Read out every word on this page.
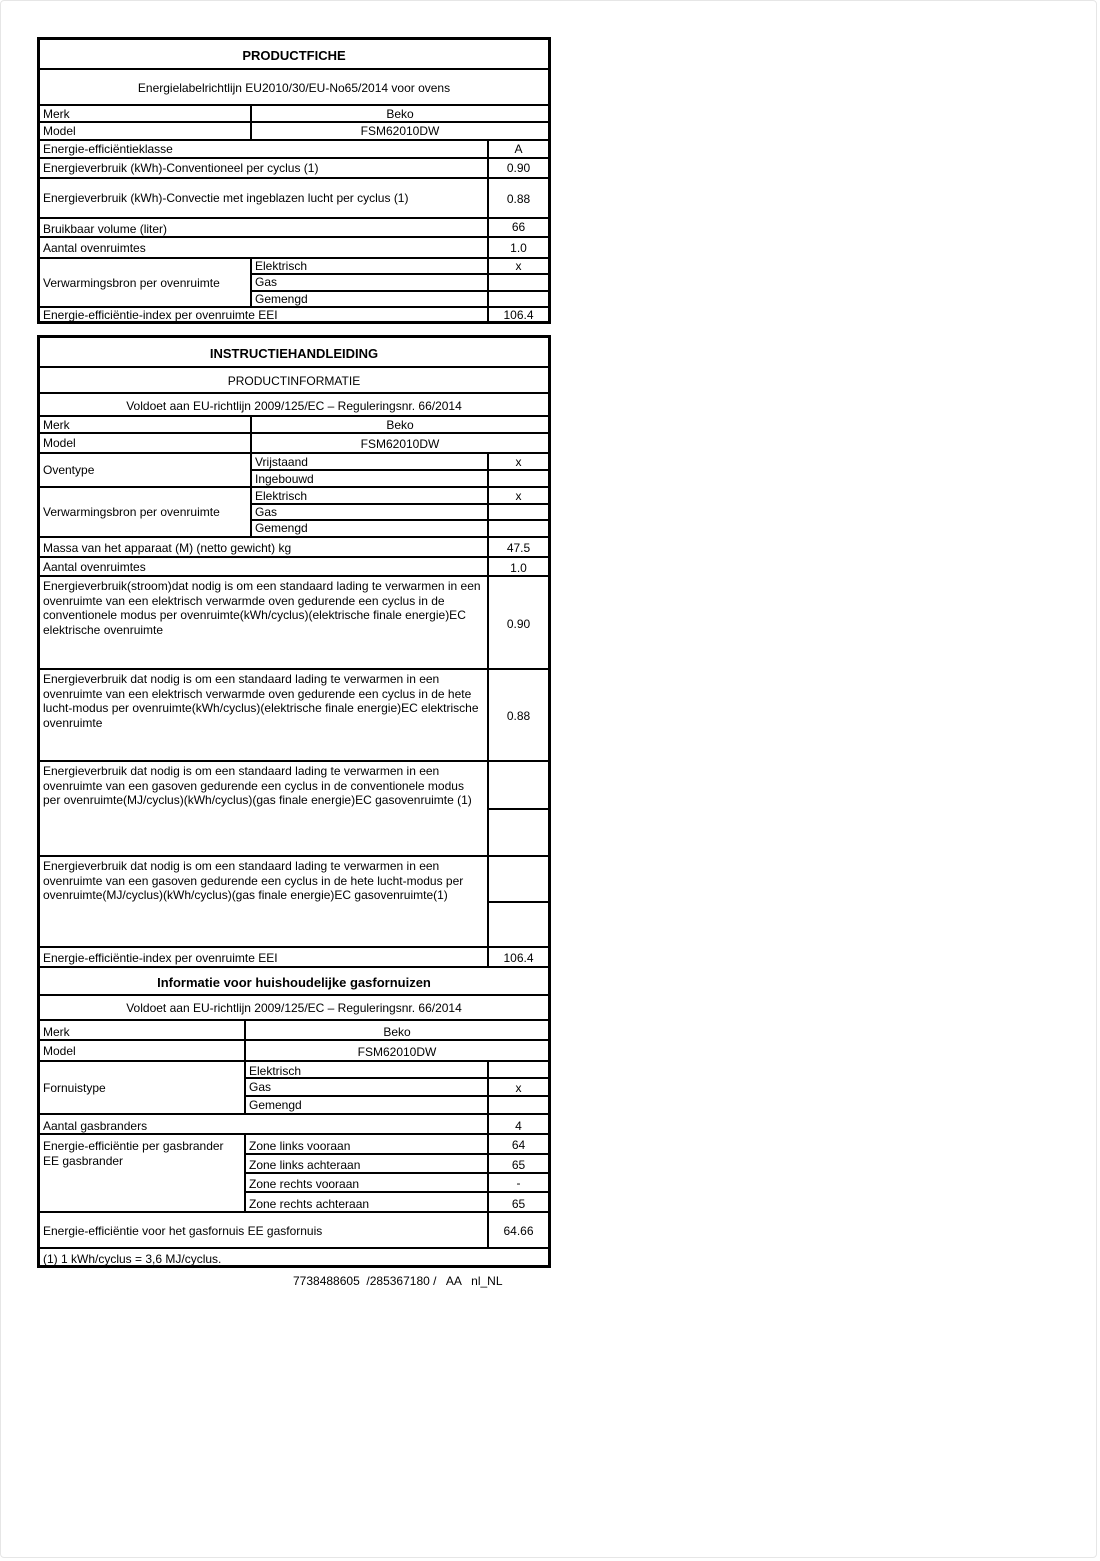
PRODUCTFICHE
Energielabelrichtlijn EU2010/30/EU-No65/2014 voor ovens
Merk	Beko
Model	FSM62010DW
Energie-efficiëntieklasse	A
Energieverbruik (kWh)-Conventioneel per cyclus (1)	0.90
Energieverbruik (kWh)-Convectie met ingeblazen lucht per cyclus (1)	0.88
Bruikbaar volume (liter)	66
Aantal ovenruimtes	1.0
Verwarmingsbron per ovenruimte
Elektrisch	x
Gas
Gemengd
Energie-efficiëntie-index per ovenruimte EEI	106.4
INSTRUCTIEHANDLEIDING
PRODUCTINFORMATIE
Voldoet aan EU-richtlijn 2009/125/EC – Reguleringsnr. 66/2014
Merk	Beko
Model	FSM62010DW
Oventype
Vrijstaand	x
Ingebouwd
Verwarmingsbron per ovenruimte
Elektrisch	x
Gas
Gemengd
Massa van het apparaat (M) (netto gewicht) kg	47.5
Aantal ovenruimtes	1.0
Energieverbruik(stroom)dat nodig is om een standaard lading te verwarmen in een ovenruimte van een elektrisch verwarmde oven gedurende een cyclus in de conventionele modus per ovenruimte(kWh/cyclus)(elektrische finale energie)EC elektrische ovenruimte	0.90
Energieverbruik dat nodig is om een standaard lading te verwarmen in een ovenruimte van een elektrisch verwarmde oven gedurende een cyclus in de hete lucht-modus per ovenruimte(kWh/cyclus)(elektrische finale energie)EC elektrische ovenruimte	0.88
Energieverbruik dat nodig is om een standaard lading te verwarmen in een ovenruimte van een gasoven gedurende een cyclus in de conventionele modus per ovenruimte(MJ/cyclus)(kWh/cyclus)(gas finale energie)EC gasovenruimte (1)
Energieverbruik dat nodig is om een standaard lading te verwarmen in een ovenruimte van een gasoven gedurende een cyclus in de hete lucht-modus per ovenruimte(MJ/cyclus)(kWh/cyclus)(gas finale energie)EC gasovenruimte(1)
Energie-efficiëntie-index per ovenruimte EEI	106.4
Informatie voor huishoudelijke gasfornuizen
Voldoet aan EU-richtlijn 2009/125/EC – Reguleringsnr. 66/2014
Merk	Beko
Model	FSM62010DW
Fornuistype
Elektrisch
Gas	x
Gemengd
Aantal gasbranders	4
Energie-efficiëntie per gasbrander EE gasbrander
Zone links vooraan	64
Zone links achteraan	65
Zone rechts vooraan	-
Zone rechts achteraan	65
Energie-efficiëntie voor het gasfornuis EE gasfornuis	64.66
(1) 1 kWh/cyclus = 3,6 MJ/cyclus.
7738488605  /285367180 /   AA   nl_NL
